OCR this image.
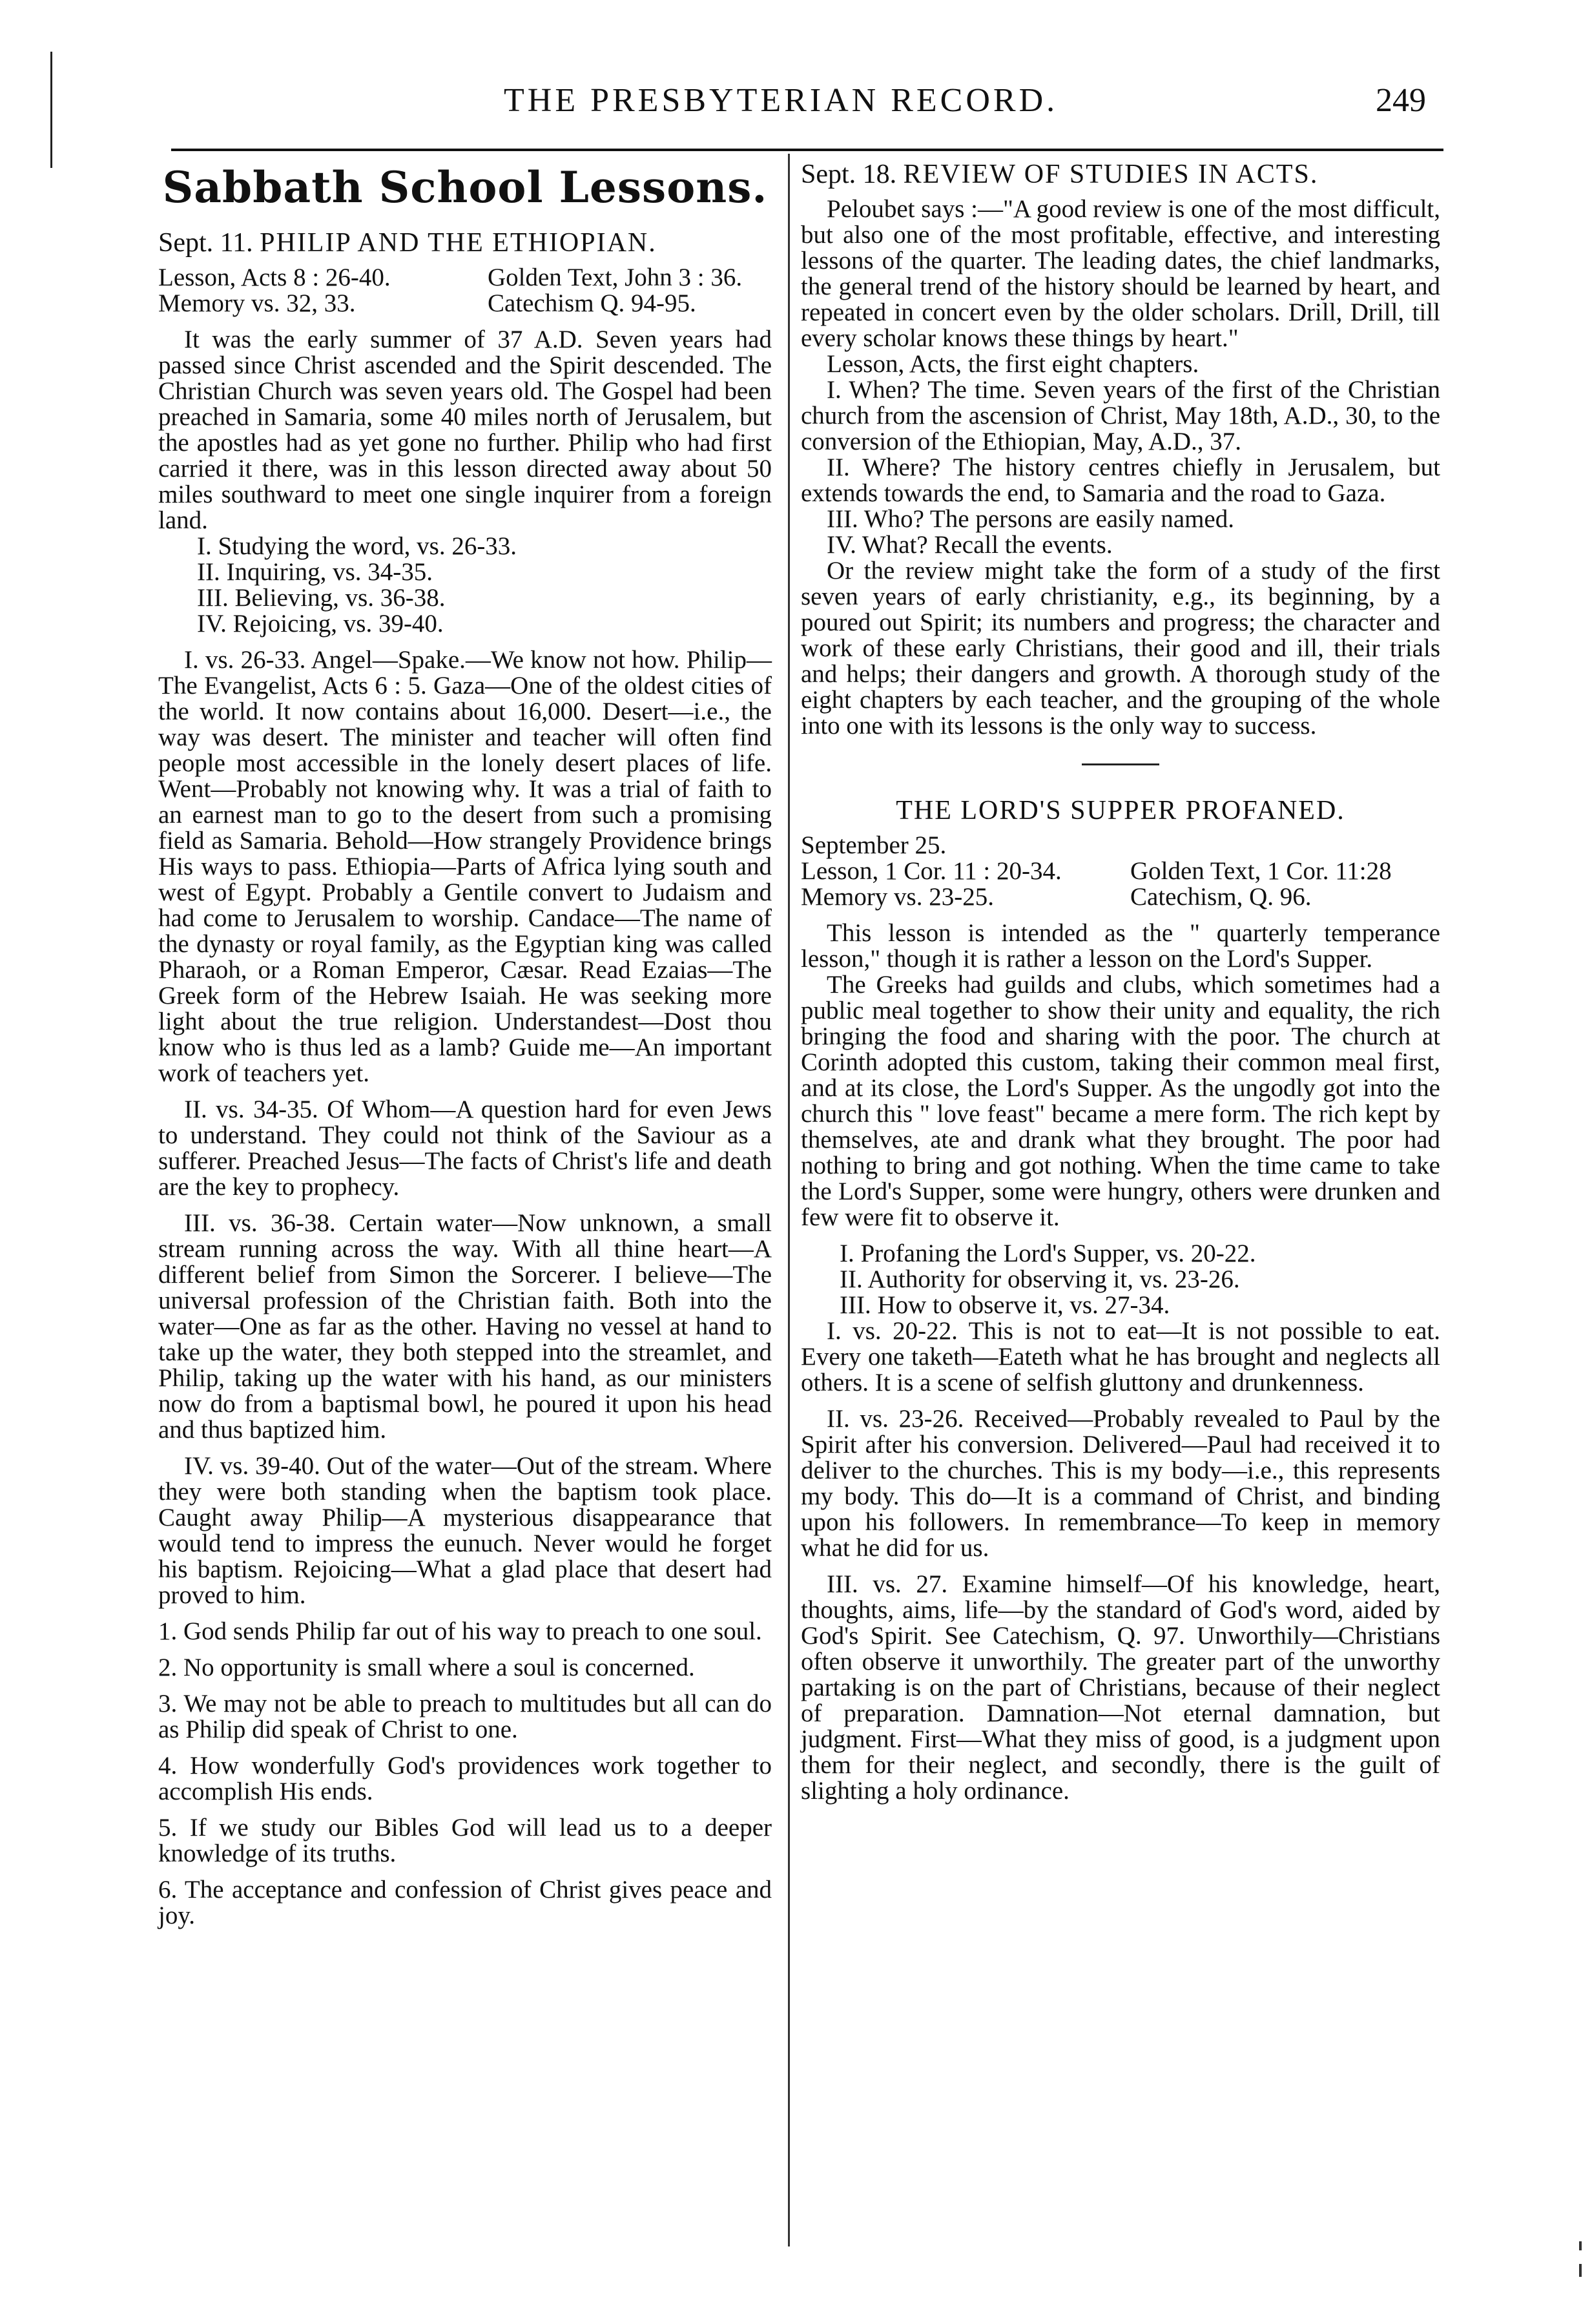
THE PRESBYTERIAN RECORD.	249
Sabbath School Lessons.
Sept. 11. PHILIP AND THE ETHIOPIAN.
Lesson, Acts 8 : 26-40.	Golden Text, John 3 : 36.
Memory vs. 32, 33.	Catechism Q. 94-95.

It was the early summer of 37 A.D. Seven years had passed since Christ ascended and the Spirit descended. The Christian Church was seven years old. The Gospel had been preached in Samaria, some 40 miles north of Jerusalem, but the apostles had as yet gone no further. Philip who had first carried it there, was in this lesson directed away about 50 miles southward to meet one single inquirer from a foreign land.

I. Studying the word, vs. 26-33.
II. Inquiring, vs. 34-35.
III. Believing, vs. 36-38.
IV. Rejoicing, vs. 39-40.

I. vs. 26-33. Angel—Spake.—We know not how. Philip—The Evangelist, Acts 6 : 5. Gaza—One of the oldest cities of the world. It now contains about 16,000. Desert—i.e., the way was desert. The minister and teacher will often find people most accessible in the lonely desert places of life. Went—Probably not knowing why. It was a trial of faith to an earnest man to go to the desert from such a promising field as Samaria. Behold—How strangely Providence brings His ways to pass. Ethiopia—Parts of Africa lying south and west of Egypt. Probably a Gentile convert to Judaism and had come to Jerusalem to worship. Candace—The name of the dynasty or royal family, as the Egyptian king was called Pharaoh, or a Roman Emperor, Cæsar. Read Ezaias—The Greek form of the Hebrew Isaiah. He was seeking more light about the true religion. Understandest—Dost thou know who is thus led as a lamb? Guide me—An important work of teachers yet.

II. vs. 34-35. Of Whom—A question hard for even Jews to understand. They could not think of the Saviour as a sufferer. Preached Jesus—The facts of Christ's life and death are the key to prophecy.

III. vs. 36-38. Certain water—Now unknown, a small stream running across the way. With all thine heart—A different belief from Simon the Sorcerer. I believe—The universal profession of the Christian faith. Both into the water—One as far as the other. Having no vessel at hand to take up the water, they both stepped into the streamlet, and Philip, taking up the water with his hand, as our ministers now do from a baptismal bowl, he poured it upon his head and thus baptized him.

IV. vs. 39-40. Out of the water—Out of the stream. Where they were both standing when the baptism took place. Caught away Philip—A mysterious disappearance that would tend to impress the eunuch. Never would he forget his baptism. Rejoicing—What a glad place that desert had proved to him.

1. God sends Philip far out of his way to preach to one soul.

2. No opportunity is small where a soul is concerned.

3. We may not be able to preach to multitudes but all can do as Philip did speak of Christ to one.

4. How wonderfully God's providences work together to accomplish His ends.

5. If we study our Bibles God will lead us to a deeper knowledge of its truths.

6. The acceptance and confession of Christ gives peace and joy.

Sept. 18. REVIEW OF STUDIES IN ACTS.

Peloubet says :—"A good review is one of the most difficult, but also one of the most profitable, effective, and interesting lessons of the quarter. The leading dates, the chief landmarks, the general trend of the history should be learned by heart, and repeated in concert even by the older scholars. Drill, Drill, till every scholar knows these things by heart."

Lesson, Acts, the first eight chapters.

I. When? The time. Seven years of the first of the Christian church from the ascension of Christ, May 18th, A.D., 30, to the conversion of the Ethiopian, May, A.D., 37.

II. Where? The history centres chiefly in Jerusalem, but extends towards the end, to Samaria and the road to Gaza.

III. Who? The persons are easily named.

IV. What? Recall the events.

Or the review might take the form of a study of the first seven years of early christianity, e.g., its beginning, by a poured out Spirit; its numbers and progress; the character and work of these early Christians, their good and ill, their trials and helps; their dangers and growth. A thorough study of the eight chapters by each teacher, and the grouping of the whole into one with its lessons is the only way to success.

THE LORD'S SUPPER PROFANED.

September 25.

Lesson, 1 Cor. 11 : 20-34.	Golden Text, 1 Cor. 11:28
Memory vs. 23-25.	Catechism, Q. 96.

This lesson is intended as the " quarterly temperance lesson," though it is rather a lesson on the Lord's Supper.

The Greeks had guilds and clubs, which sometimes had a public meal together to show their unity and equality, the rich bringing the food and sharing with the poor. The church at Corinth adopted this custom, taking their common meal first, and at its close, the Lord's Supper. As the ungodly got into the church this " love feast" became a mere form. The rich kept by themselves, ate and drank what they brought. The poor had nothing to bring and got nothing. When the time came to take the Lord's Supper, some were hungry, others were drunken and few were fit to observe it.

I. Profaning the Lord's Supper, vs. 20-22.
II. Authority for observing it, vs. 23-26.
III. How to observe it, vs. 27-34.

I. vs. 20-22. This is not to eat—It is not possible to eat. Every one taketh—Eateth what he has brought and neglects all others. It is a scene of selfish gluttony and drunkenness.

II. vs. 23-26. Received—Probably revealed to Paul by the Spirit after his conversion. Delivered—Paul had received it to deliver to the churches. This is my body—i.e., this represents my body. This do—It is a command of Christ, and binding upon his followers. In remembrance—To keep in memory what he did for us.

III. vs. 27. Examine himself—Of his knowledge, heart, thoughts, aims, life—by the standard of God's word, aided by God's Spirit. See Catechism, Q. 97. Unworthily—Christians often observe it unworthily. The greater part of the unworthy partaking is on the part of Christians, because of their neglect of preparation. Damnation—Not eternal damnation, but judgment. First—What they miss of good, is a judgment upon them for their neglect, and secondly, there is the guilt of slighting a holy ordinance.
